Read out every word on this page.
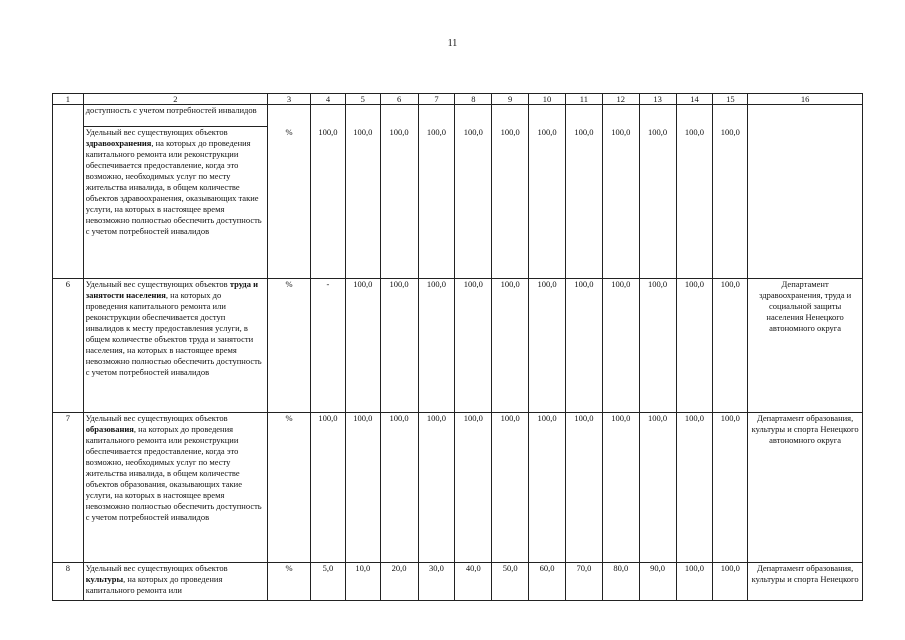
11
1	2	3	4	5	6	7	8	9	10	11	12	13	14	15	16
	доступность с учетом потребностей инвалидов														
	Удельный вес существующих объектов здравоохранения, на которых до проведения капитального ремонта или реконструкции обеспечивается предоставление, когда это возможно, необходимых услуг по месту жительства инвалида, в общем количестве объектов здравоохранения, оказывающих такие услуги, на которых в настоящее время невозможно полностью обеспечить доступность с учетом потребностей инвалидов	%	100,0	100,0	100,0	100,0	100,0	100,0	100,0	100,0	100,0	100,0	100,0	100,0	
6	Удельный вес существующих объектов труда и занятости населения, на которых до проведения капитального ремонта или реконструкции обеспечивается доступ инвалидов к месту предоставления услуги, в общем количестве объектов труда и занятости населения, на которых в настоящее время невозможно полностью обеспечить доступность с учетом потребностей инвалидов	%	-	100,0	100,0	100,0	100,0	100,0	100,0	100,0	100,0	100,0	100,0	100,0	Департамент здравоохранения, труда и социальной защиты населения Ненецкого автономного округа
7	Удельный вес существующих объектов образования, на которых до проведения капитального ремонта или реконструкции обеспечивается предоставление, когда это возможно, необходимых услуг по месту жительства инвалида, в общем количестве объектов образования, оказывающих такие услуги, на которых в настоящее время невозможно полностью обеспечить доступность с учетом потребностей инвалидов	%	100,0	100,0	100,0	100,0	100,0	100,0	100,0	100,0	100,0	100,0	100,0	100,0	Департамент образования, культуры и спорта Ненецкого автономного округа
8	Удельный вес существующих объектов культуры, на которых до проведения капитального ремонта или	%	5,0	10,0	20,0	30,0	40,0	50,0	60,0	70,0	80,0	90,0	100,0	100,0	Департамент образования, культуры и спорта Ненецкого
